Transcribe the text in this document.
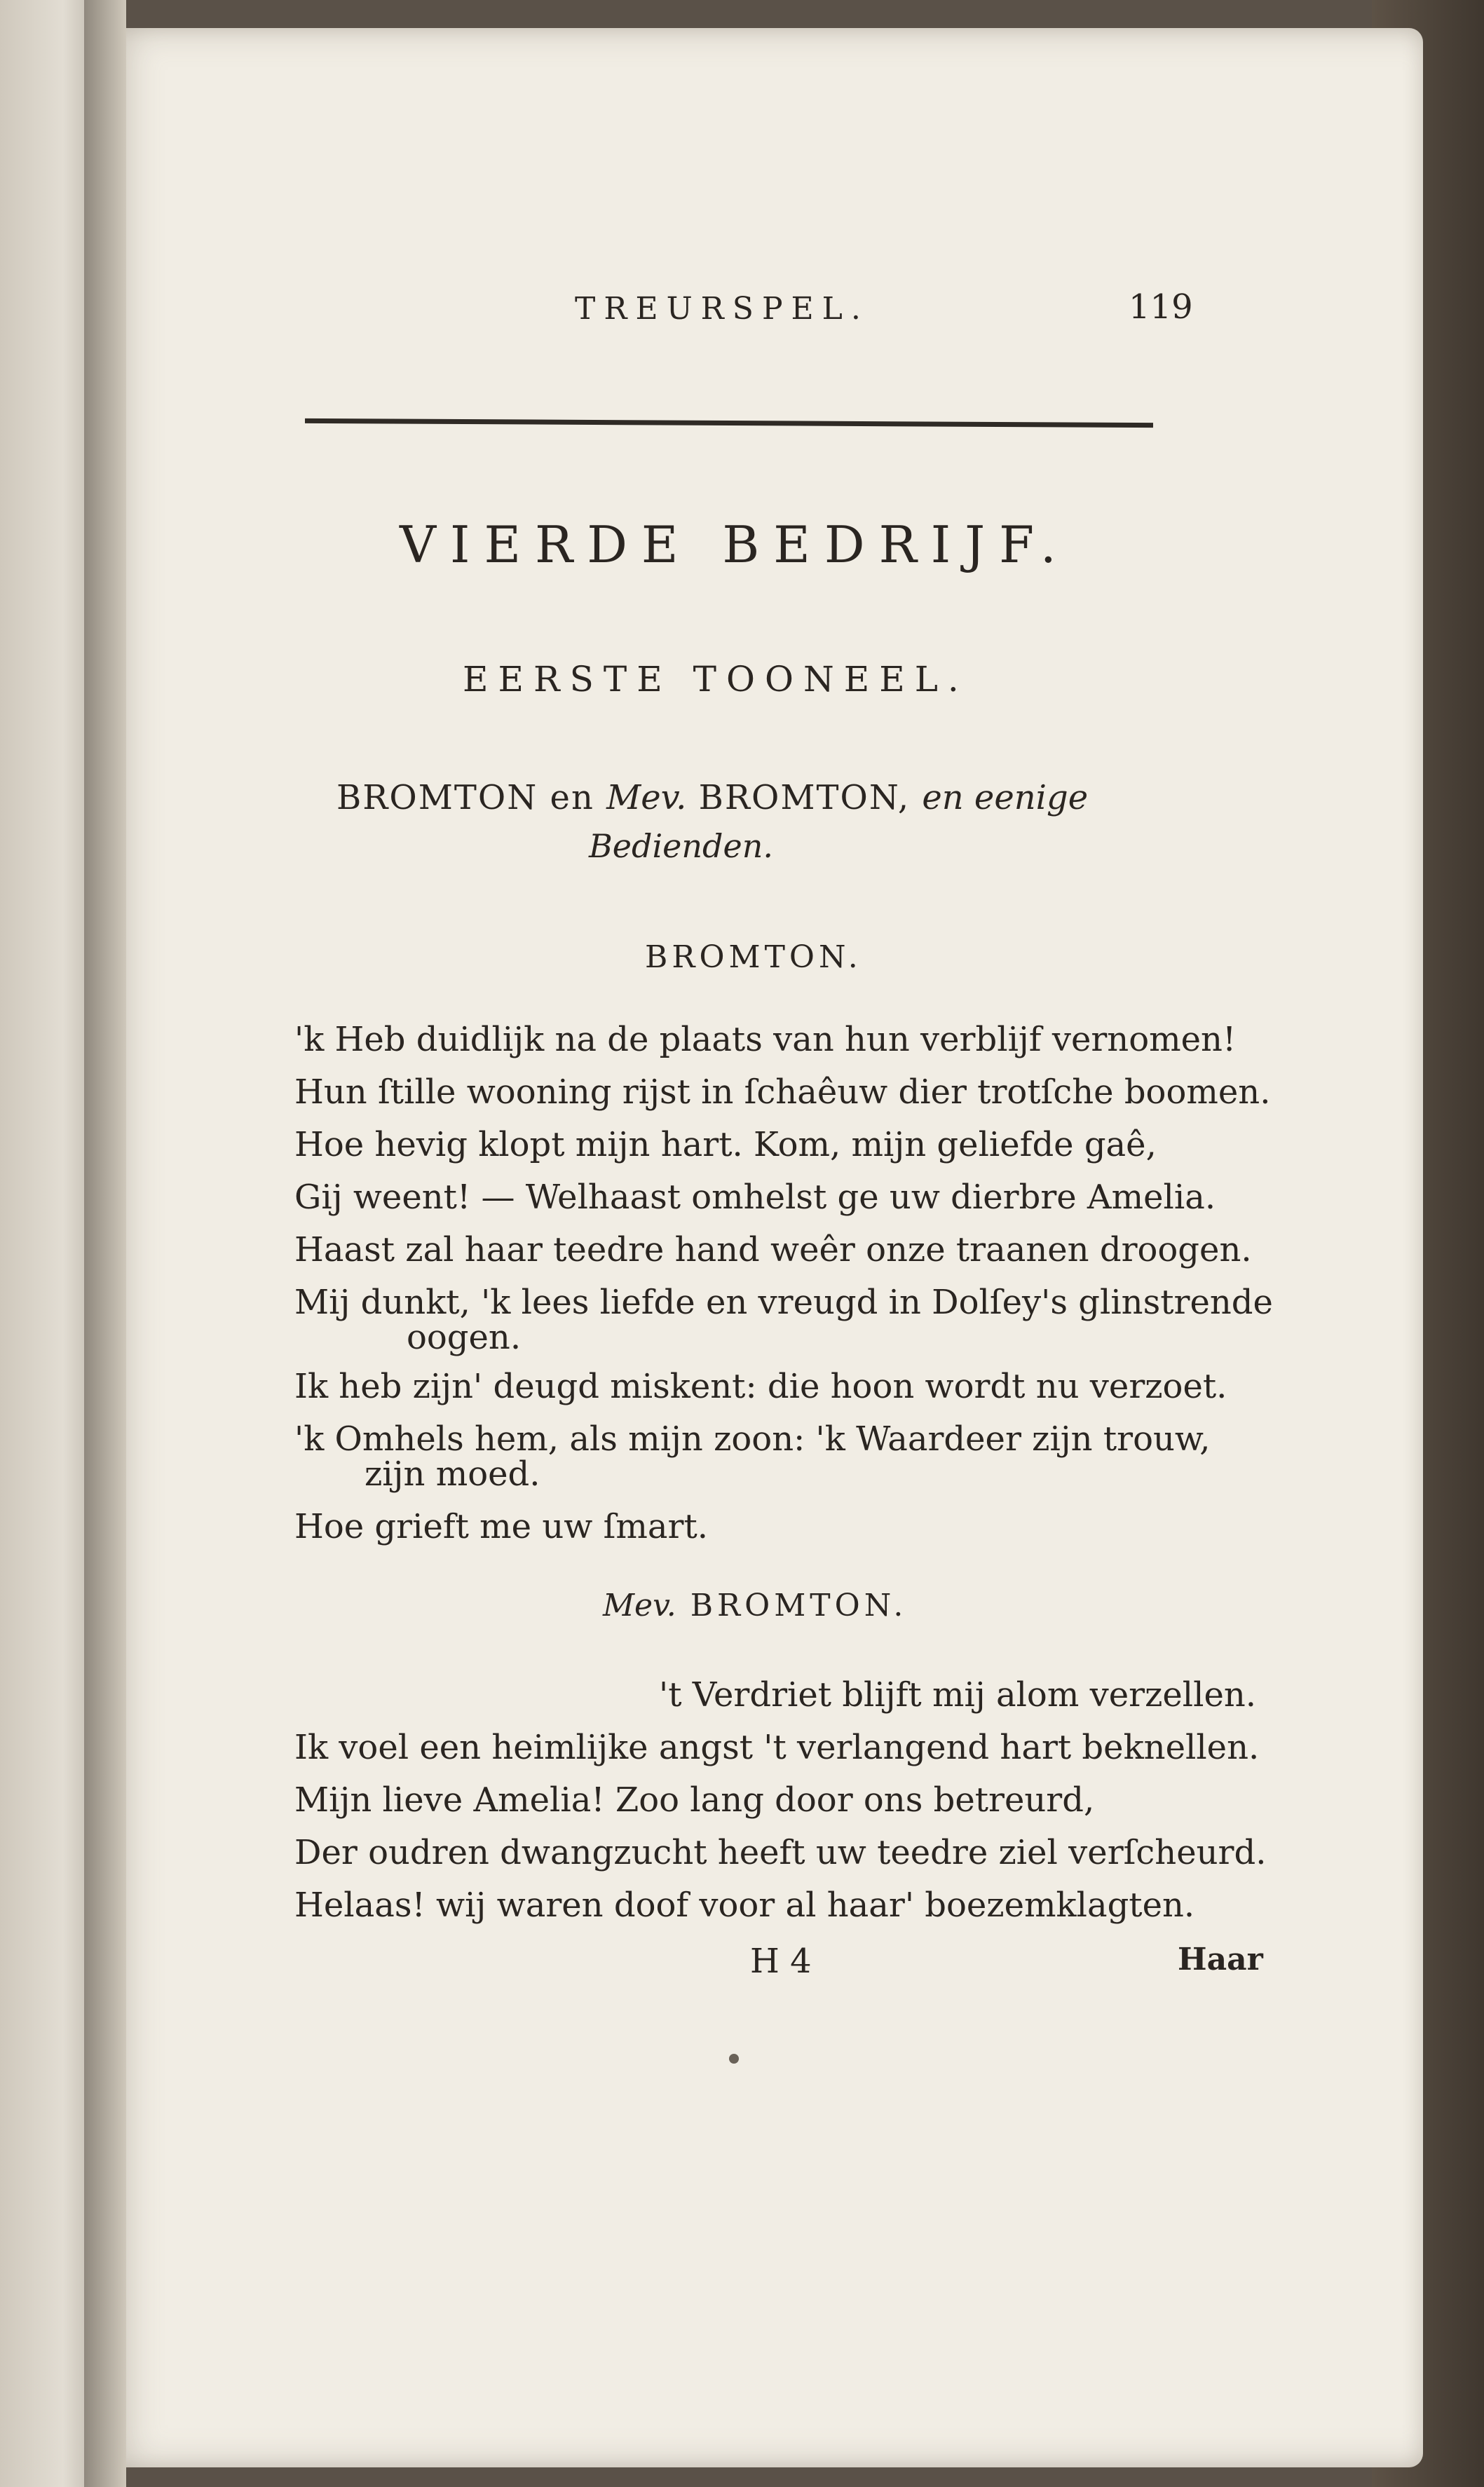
TREURSPEL.	119
VIERDE BEDRIJF.
EERSTE TOONEEL.
BROMTON en Mev. BROMTON, en eenige
Bedienden.
BROMTON.
'k Heb duidlijk na de plaats van hun verblijf vernomen!
Hun ſtille wooning rijst in ſchaêuw dier trotſche boomen.
Hoe hevig klopt mijn hart. Kom, mijn geliefde gaê,
Gij weent! — Welhaast omhelst ge uw dierbre Amelia.
Haast zal haar teedre hand weêr onze traanen droogen.
Mij dunkt, 'k lees liefde en vreugd in Dolſey's glinstrende
oogen.
Ik heb zijn' deugd miskent: die hoon wordt nu verzoet.
'k Omhels hem, als mijn zoon: 'k Waardeer zijn trouw,
zijn moed.
Hoe grieft me uw ſmart.
Mev. BROMTON.
't Verdriet blijft mij alom verzellen.
Ik voel een heimlijke angst 't verlangend hart beknellen.
Mijn lieve Amelia! Zoo lang door ons betreurd,
Der oudren dwangzucht heeft uw teedre ziel verſcheurd.
Helaas! wij waren doof voor al haar' boezemklagten.
H 4	Haar
